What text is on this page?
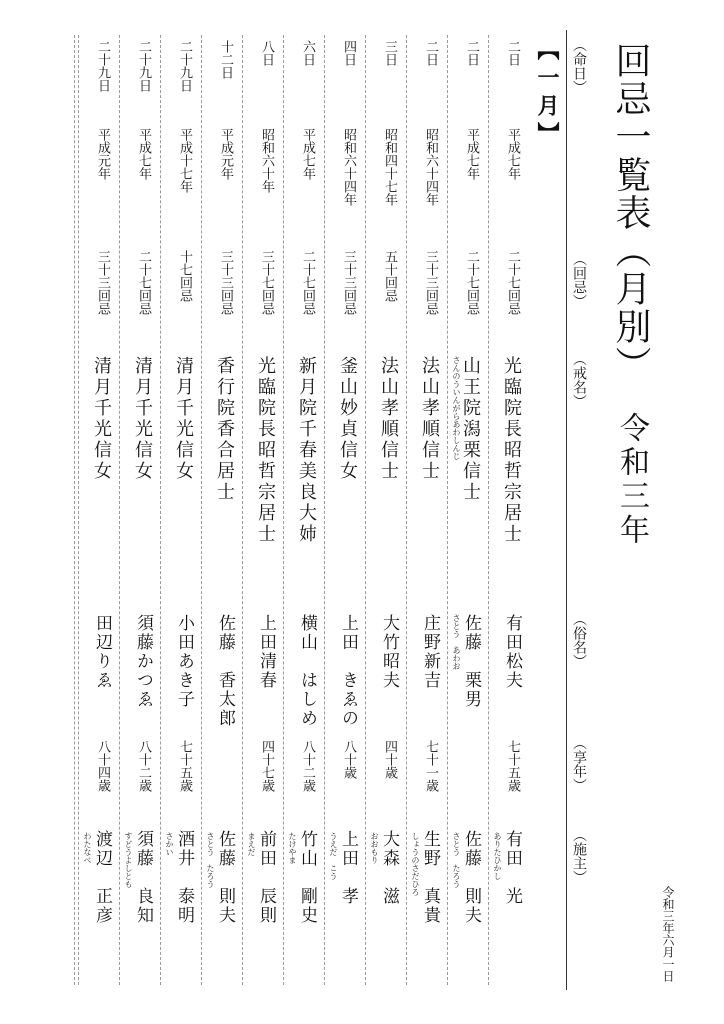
回忌一覧表（月別）
令和三年
（命日）
（回忌）
（戒名）
（俗名）
（享年）
（施主）
【一月】
令和三年六月一日
二日
平成七年
二十七回忌
光臨院長昭哲宗居士
有田松夫
七十五歳
有田　光
ありたひかし
二日
平成七年
二十七回忌
山王院潟栗信士
佐藤　栗男
佐藤　則夫
さんのういんがらあわしんじ
さとう　あわお
さとう　たろう
二日
昭和六十四年
三十三回忌
法山孝順信士
庄野新吉
七十一歳
生野　真貴
しょうのさだひろ
三日
昭和四十七年
五十回忌
法山孝順信士
大竹昭夫
四十歳
大森　滋
おおもり
四日
昭和六十四年
三十三回忌
釜山妙貞信女
上田　きゑの
八十歳
上田　孝
うえだ　こう
六日
平成七年
二十七回忌
新月院千春美良大姉
横山　はしめ
八十二歳
竹山　剛史
たけやま
八日
昭和六十年
三十七回忌
光臨院長昭哲宗居士
上田清春
四十七歳
前田　辰則
まえだ
十二日
平成元年
三十三回忌
香行院香合居士
佐藤　香太郎
佐藤　則夫
さとう　たろう
二十九日
平成十七年
十七回忌
清月千光信女
小田あき子
七十五歳
酒井　泰明
さかい
二十九日
平成七年
二十七回忌
清月千光信女
須藤かつゑ
八十二歳
須藤　良知
すどうよしとも
二十九日
平成元年
三十三回忌
清月千光信女
田辺りゑ
八十四歳
渡辺　正彦
わたなべ
